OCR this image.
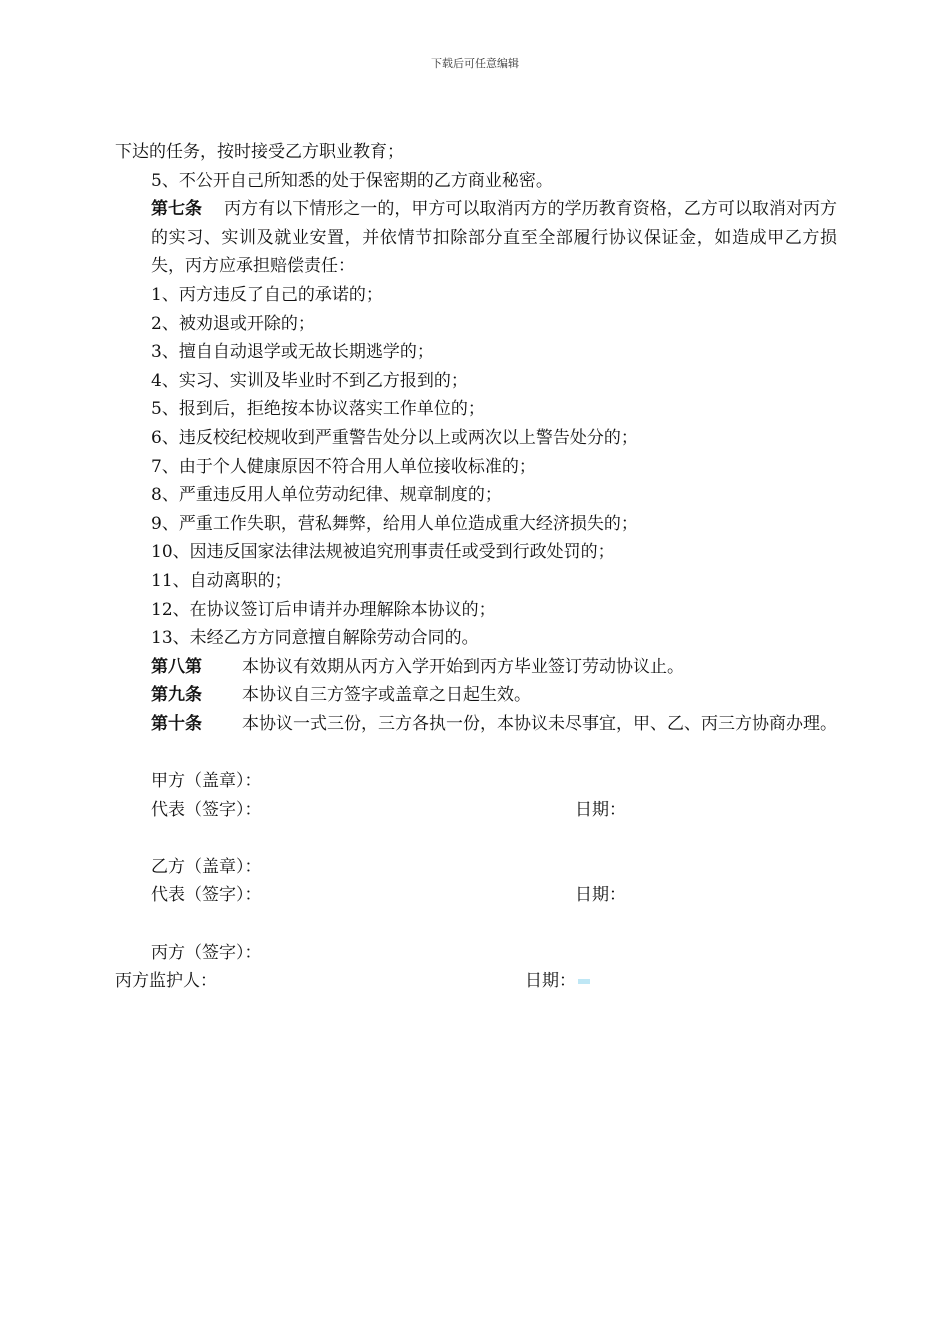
下载后可任意编辑

下达的任务，按时接受乙方职业教育；

5、不公开自己所知悉的处于保密期的乙方商业秘密。

第七条 丙方有以下情形之一的，甲方可以取消丙方的学历教育资格，乙方可以取消对丙方的实习、实训及就业安置，并依情节扣除部分直至全部履行协议保证金，如造成甲乙方损失，丙方应承担赔偿责任：

1、丙方违反了自己的承诺的；

2、被劝退或开除的；

3、擅自自动退学或无故长期逃学的；

4、实习、实训及毕业时不到乙方报到的；

5、报到后，拒绝按本协议落实工作单位的；

6、违反校纪校规收到严重警告处分以上或两次以上警告处分的；

7、由于个人健康原因不符合用人单位接收标准的；

8、严重违反用人单位劳动纪律、规章制度的；

9、严重工作失职，营私舞弊，给用人单位造成重大经济损失的；

10、因违反国家法律法规被追究刑事责任或受到行政处罚的；

11、自动离职的；

12、在协议签订后申请并办理解除本协议的；

13、未经乙方方同意擅自解除劳动合同的。

第八第 本协议有效期从丙方入学开始到丙方毕业签订劳动协议止。

第九条 本协议自三方签字或盖章之日起生效。

第十条 本协议一式三份，三方各执一份，本协议未尽事宜，甲、乙、丙三方协商办理。

甲方（盖章）：
代表（签字）：	日期：
乙方（盖章）：
代表（签字）：	日期：
丙方（签字）：
丙方监护人：	日期：
